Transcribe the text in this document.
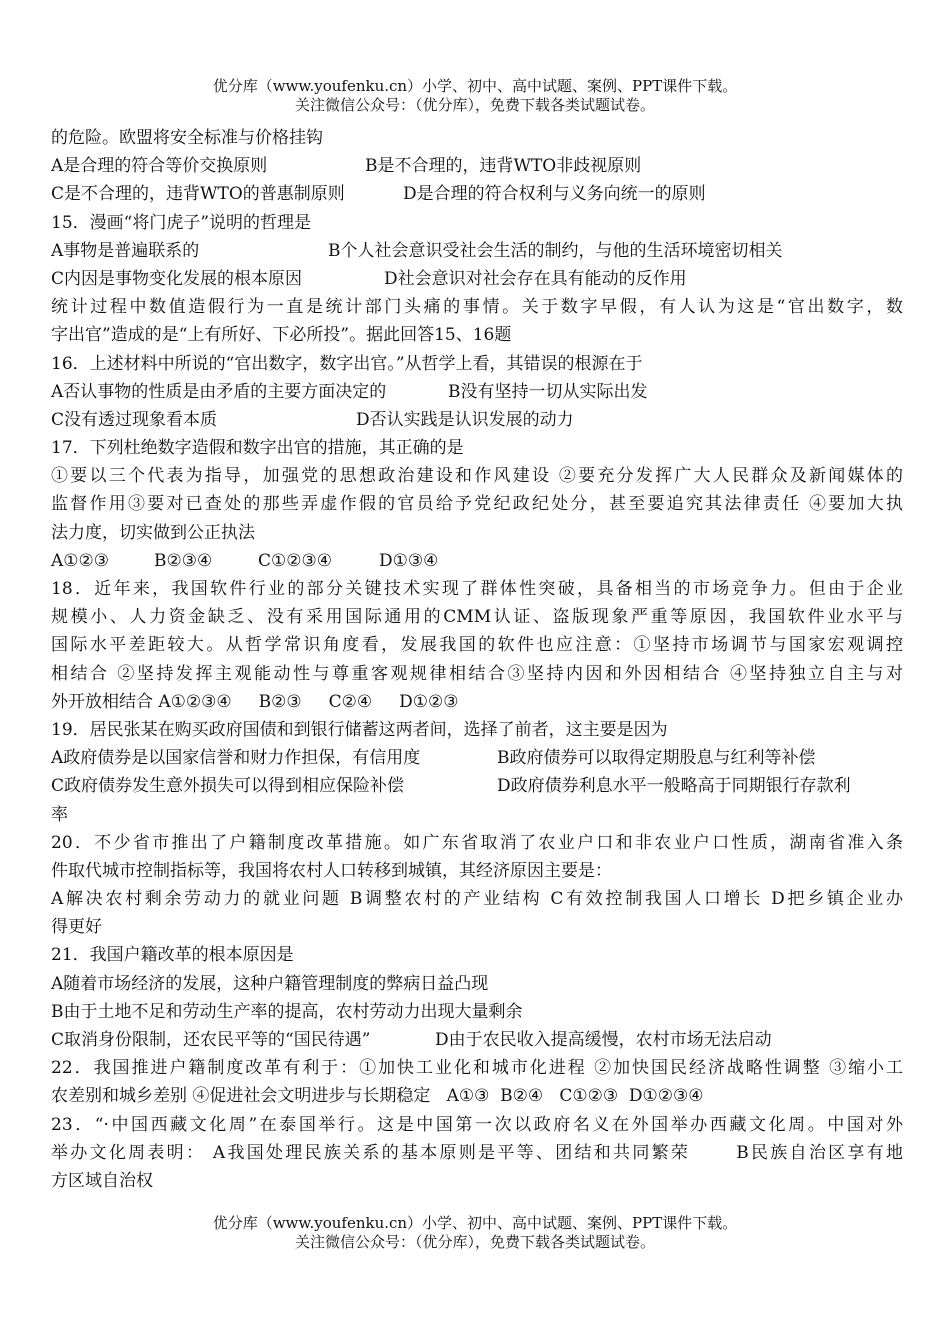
优分库（www.youfenku.cn）小学、初中、高中试题、案例、PPT课件下载。
关注微信公众号：（优分库），免费下载各类试题试卷。
的危险。欧盟将安全标准与价格挂钩
A是合理的符合等价交换原则	B是不合理的，违背WTO非歧视原则
C是不合理的，违背WTO的普惠制原则	D是合理的符合权利与义务向统一的原则
15．漫画“将门虎子”说明的哲理是
A事物是普遍联系的	B个人社会意识受社会生活的制约，与他的生活环境密切相关
C内因是事物变化发展的根本原因	D社会意识对社会存在具有能动的反作用
统计过程中数值造假行为一直是统计部门头痛的事情。关于数字早假，有人认为这是“官出数字，数
字出官”造成的是“上有所好、下必所投”。据此回答15、16题
16．上述材料中所说的“官出数字，数字出官。”从哲学上看，其错误的根源在于
A否认事物的性质是由矛盾的主要方面决定的	B没有坚持一切从实际出发
C没有透过现象看本质	D否认实践是认识发展的动力
17．下列杜绝数字造假和数字出官的措施，其正确的是
①要以三个代表为指导，加强党的思想政治建设和作风建设 ②要充分发挥广大人民群众及新闻媒体的
监督作用③要对已查处的那些弄虚作假的官员给予党纪政纪处分，甚至要追究其法律责任 ④要加大执
法力度，切实做到公正执法
A①②③	B②③④	C①②③④	D①③④
18．近年来，我国软件行业的部分关键技术实现了群体性突破，具备相当的市场竞争力。但由于企业
规模小、人力资金缺乏、没有采用国际通用的CMM认证、盗版现象严重等原因，我国软件业水平与
国际水平差距较大。从哲学常识角度看，发展我国的软件也应注意：①坚持市场调节与国家宏观调控
相结合 ②坚持发挥主观能动性与尊重客观规律相结合③坚持内因和外因相结合 ④坚持独立自主与对
外开放相结合 A①②③④     B②③     C②④     D①②③
19．居民张某在购买政府国债和到银行储蓄这两者间，选择了前者，这主要是因为
A政府债券是以国家信誉和财力作担保，有信用度	B政府债券可以取得定期股息与红利等补偿
C政府债券发生意外损失可以得到相应保险补偿	D政府债券利息水平一般略高于同期银行存款利
率
20．不少省市推出了户籍制度改革措施。如广东省取消了农业户口和非农业户口性质，湖南省准入条
件取代城市控制指标等，我国将农村人口转移到城镇，其经济原因主要是：
A解决农村剩余劳动力的就业问题 B调整农村的产业结构 C有效控制我国人口增长 D把乡镇企业办
得更好
21．我国户籍改革的根本原因是
A随着市场经济的发展，这种户籍管理制度的弊病日益凸现
B由于土地不足和劳动生产率的提高，农村劳动力出现大量剩余
C取消身份限制，还农民平等的“国民待遇”	D由于农民收入提高缓慢，农村市场无法启动
22．我国推进户籍制度改革有利于：①加快工业化和城市化进程 ②加快国民经济战略性调整 ③缩小工
农差别和城乡差别 ④促进社会文明进步与长期稳定   A①③  B②④   C①②③  D①②③④
23．“·中国西藏文化周”在泰国举行。这是中国第一次以政府名义在外国举办西藏文化周。中国对外
举办文化周表明： A我国处理民族关系的基本原则是平等、团结和共同繁荣      B民族自治区享有地
方区域自治权
优分库（www.youfenku.cn）小学、初中、高中试题、案例、PPT课件下载。
关注微信公众号：（优分库），免费下载各类试题试卷。
